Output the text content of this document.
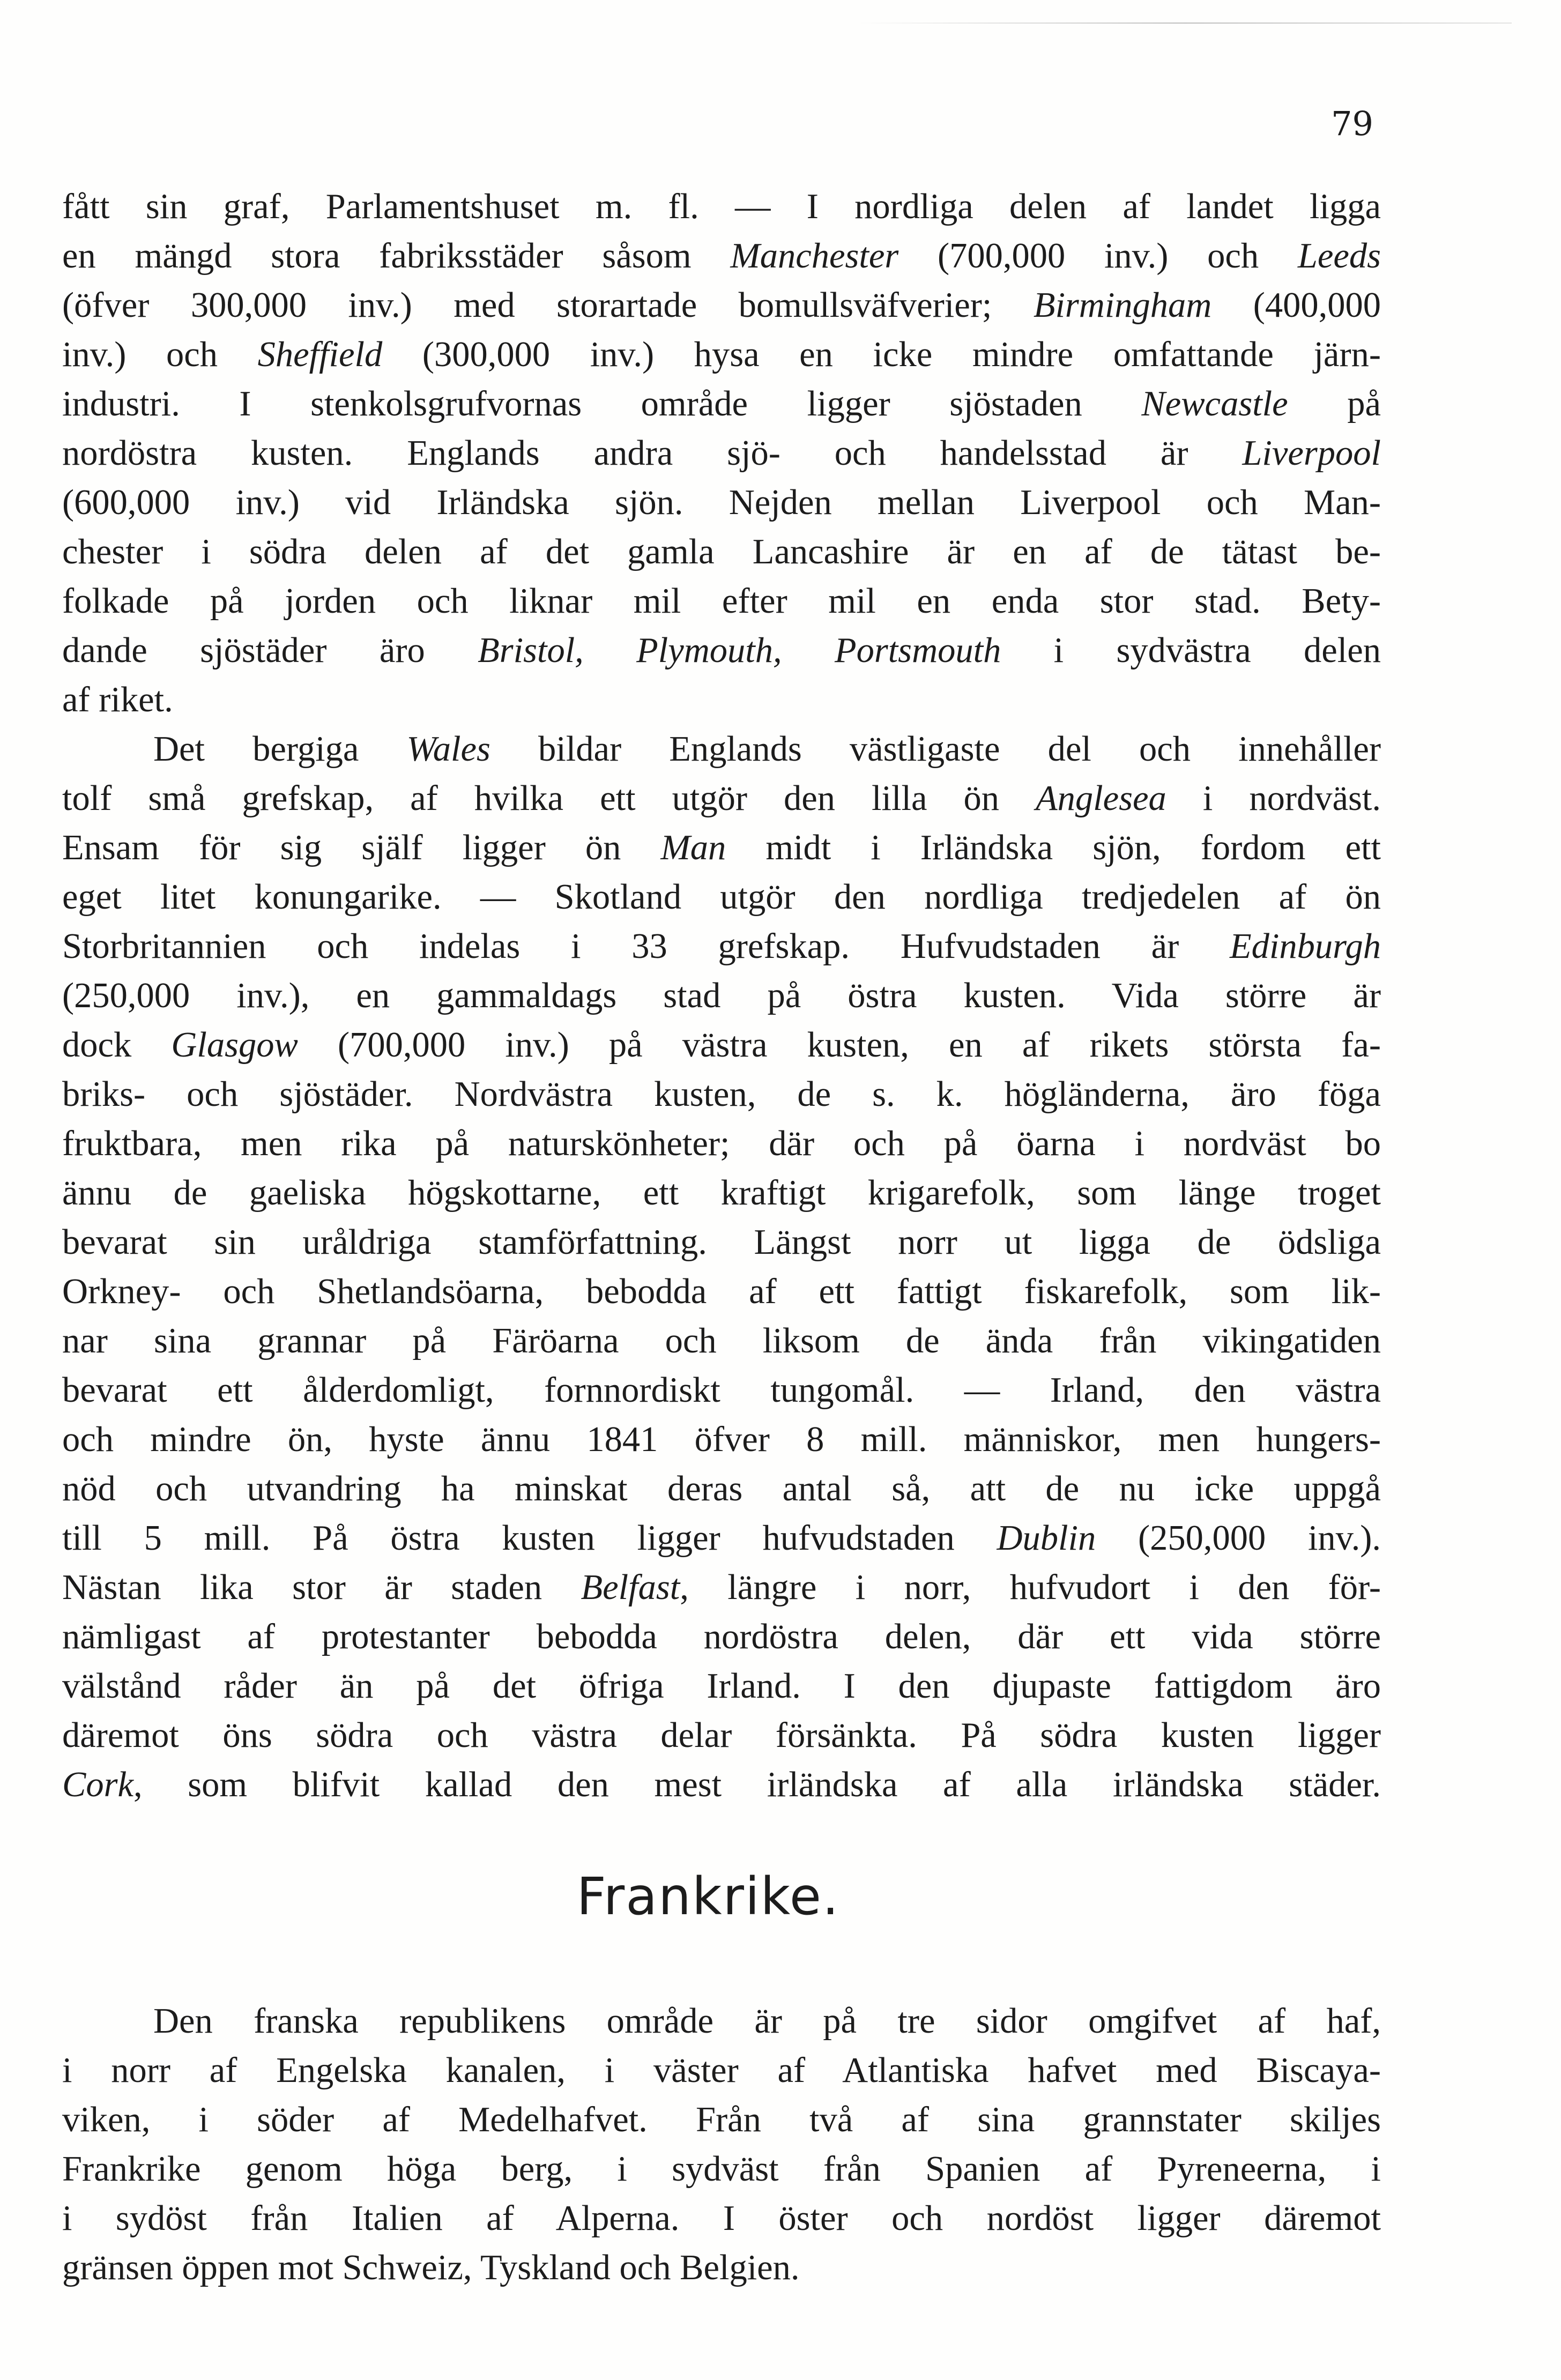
79
fått sin graf, Parlamentshuset m. fl. — I nordliga delen af landet ligga
en mängd stora fabriksstäder såsom Manchester (700,000 inv.) och Leeds
(öfver 300,000 inv.) med storartade bomullsväfverier; Birmingham (400,000
inv.) och Sheffield (300,000 inv.) hysa en icke mindre omfattande järn-
industri. I stenkolsgrufvornas område ligger sjöstaden Newcastle på
nordöstra kusten. Englands andra sjö- och handelsstad är Liverpool
(600,000 inv.) vid Irländska sjön. Nejden mellan Liverpool och Man-
chester i södra delen af det gamla Lancashire är en af de tätast be-
folkade på jorden och liknar mil efter mil en enda stor stad. Bety-
dande sjöstäder äro Bristol, Plymouth, Portsmouth i sydvästra delen
af riket.
Det bergiga Wales bildar Englands västligaste del och innehåller
tolf små grefskap, af hvilka ett utgör den lilla ön Anglesea i nordväst.
Ensam för sig själf ligger ön Man midt i Irländska sjön, fordom ett
eget litet konungarike. — Skotland utgör den nordliga tredjedelen af ön
Storbritannien och indelas i 33 grefskap. Hufvudstaden är Edinburgh
(250,000 inv.), en gammaldags stad på östra kusten. Vida större är
dock Glasgow (700,000 inv.) på västra kusten, en af rikets största fa-
briks- och sjöstäder. Nordvästra kusten, de s. k. högländerna, äro föga
fruktbara, men rika på naturskönheter; där och på öarna i nordväst bo
ännu de gaeliska högskottarne, ett kraftigt krigarefolk, som länge troget
bevarat sin uråldriga stamförfattning. Längst norr ut ligga de ödsliga
Orkney- och Shetlandsöarna, bebodda af ett fattigt fiskarefolk, som lik-
nar sina grannar på Färöarna och liksom de ända från vikingatiden
bevarat ett ålderdomligt, fornnordiskt tungomål. — Irland, den västra
och mindre ön, hyste ännu 1841 öfver 8 mill. människor, men hungers-
nöd och utvandring ha minskat deras antal så, att de nu icke uppgå
till 5 mill. På östra kusten ligger hufvudstaden Dublin (250,000 inv.).
Nästan lika stor är staden Belfast, längre i norr, hufvudort i den för-
nämligast af protestanter bebodda nordöstra delen, där ett vida större
välstånd råder än på det öfriga Irland. I den djupaste fattigdom äro
däremot öns södra och västra delar försänkta. På södra kusten ligger
Cork, som blifvit kallad den mest irländska af alla irländska städer.
Frankrike.
Den franska republikens område är på tre sidor omgifvet af haf,
i norr af Engelska kanalen, i väster af Atlantiska hafvet med Biscaya-
viken, i söder af Medelhafvet. Från två af sina grannstater skiljes
Frankrike genom höga berg, i sydväst från Spanien af Pyreneerna, i
i sydöst från Italien af Alperna. I öster och nordöst ligger däremot
gränsen öppen mot Schweiz, Tyskland och Belgien.
